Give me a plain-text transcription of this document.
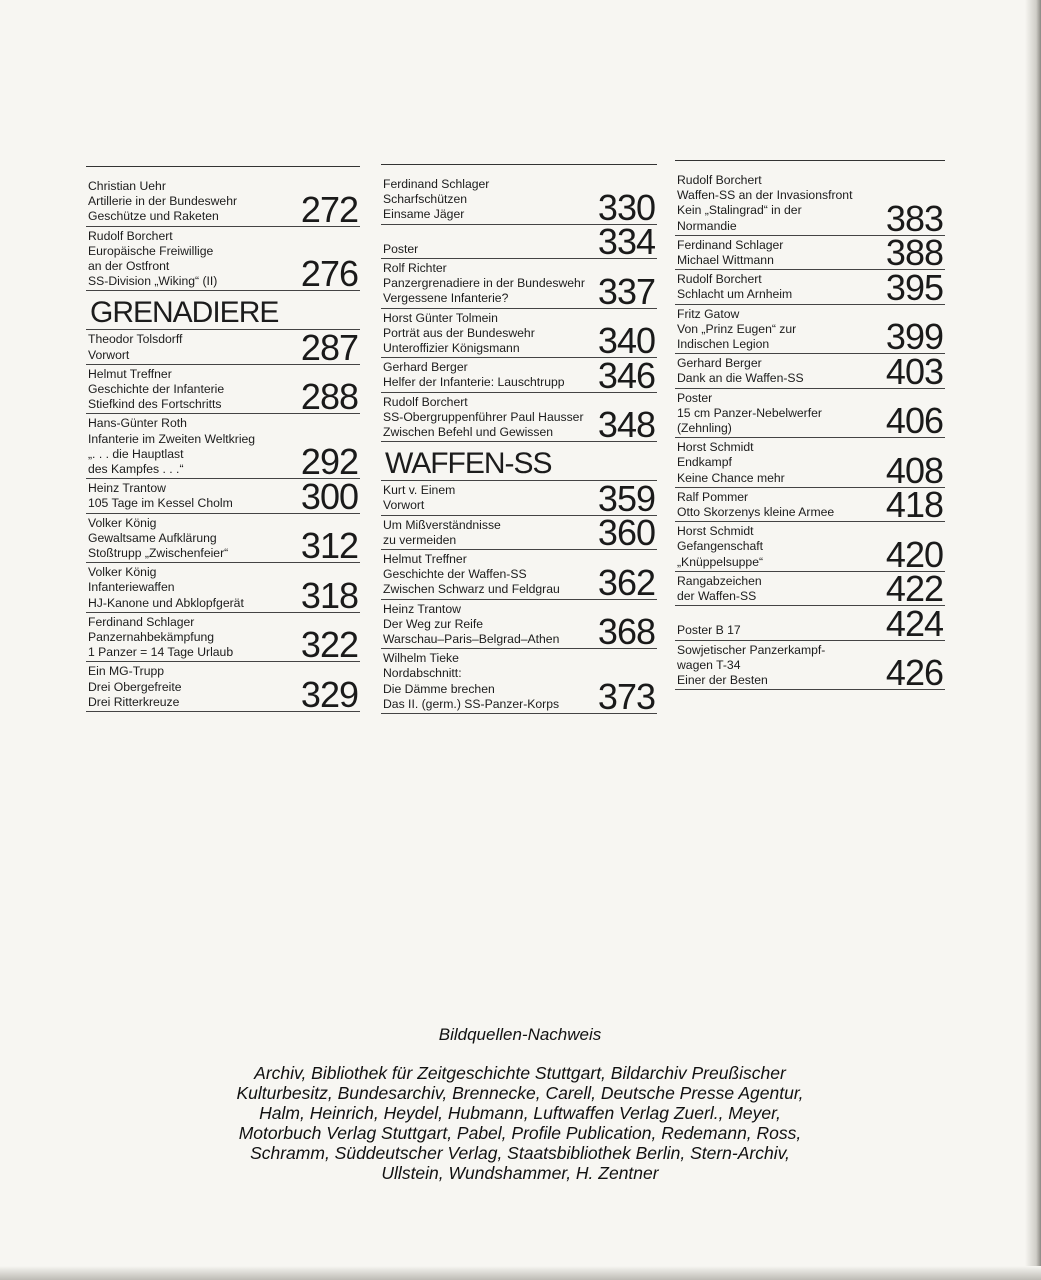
Christian Uehr
Artillerie in der Bundeswehr
Geschütze und Raketen	272
Rudolf Borchert
Europäische Freiwillige
an der Ostfront
SS-Division „Wiking“ (II)	276
GRENADIERE
Theodor Tolsdorff
Vorwort	287
Helmut Treffner
Geschichte der Infanterie
Stiefkind des Fortschritts	288
Hans-Günter Roth
Infanterie im Zweiten Weltkrieg
„. . . die Hauptlast
des Kampfes . . .“	292
Heinz Trantow
105 Tage im Kessel Cholm	300
Volker König
Gewaltsame Aufklärung
Stoßtrupp „Zwischenfeier“	312
Volker König
Infanteriewaffen
HJ-Kanone und Abklopfgerät	318
Ferdinand Schlager
Panzernahbekämpfung
1 Panzer = 14 Tage Urlaub	322
Ein MG-Trupp
Drei Obergefreite
Drei Ritterkreuze	329
Ferdinand Schlager
Scharfschützen
Einsame Jäger	330

Poster	334
Rolf Richter
Panzergrenadiere in der Bundeswehr
Vergessene Infanterie?	337
Horst Günter Tolmein
Porträt aus der Bundeswehr
Unteroffizier Königsmann	340
Gerhard Berger
Helfer der Infanterie: Lauschtrupp 346
Rudolf Borchert
SS-Obergruppenführer Paul Hausser
Zwischen Befehl und Gewissen	348
WAFFEN-SS
Kurt v. Einem
Vorwort	359
Um Mißverständnisse
zu vermeiden	360
Helmut Treffner
Geschichte der Waffen-SS
Zwischen Schwarz und Feldgrau	362
Heinz Trantow
Der Weg zur Reife
Warschau–Paris–Belgrad–Athen	368
Wilhelm Tieke
Nordabschnitt:
Die Dämme brechen
Das II. (germ.) SS-Panzer-Korps	373
Rudolf Borchert
Waffen-SS an der Invasionsfront
Kein „Stalingrad“ in der
Normandie	383
Ferdinand Schlager
Michael Wittmann	388
Rudolf Borchert
Schlacht um Arnheim	395
Fritz Gatow
Von „Prinz Eugen“ zur
Indischen Legion	399
Gerhard Berger
Dank an die Waffen-SS	403
Poster
15 cm Panzer-Nebelwerfer
(Zehnling)	406
Horst Schmidt
Endkampf
Keine Chance mehr	408
Ralf Pommer
Otto Skorzenys kleine Armee	418
Horst Schmidt
Gefangenschaft
„Knüppelsuppe“	420
Rangabzeichen
der Waffen-SS	422

Poster B 17	424
Sowjetischer Panzerkampf-
wagen T-34
Einer der Besten	426
Bildquellen-Nachweis
Archiv, Bibliothek für Zeitgeschichte Stuttgart, Bildarchiv Preußischer
Kulturbesitz, Bundesarchiv, Brennecke, Carell, Deutsche Presse Agentur,
Halm, Heinrich, Heydel, Hubmann, Luftwaffen Verlag Zuerl., Meyer,
Motorbuch Verlag Stuttgart, Pabel, Profile Publication, Redemann, Ross,
Schramm, Süddeutscher Verlag, Staatsbibliothek Berlin, Stern-Archiv,
Ullstein, Wundshammer, H. Zentner
